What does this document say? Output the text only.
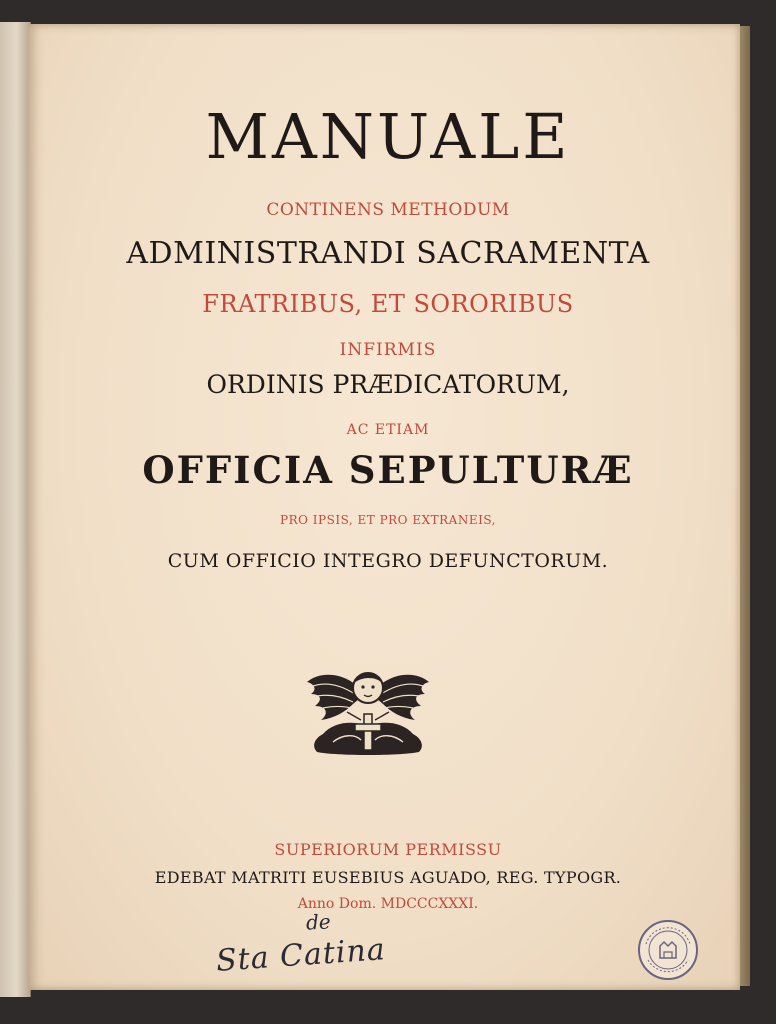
MANUALE

CONTINENS METHODUM

ADMINISTRANDI SACRAMENTA

FRATRIBUS, ET SORORIBUS

INFIRMIS

ORDINIS PRÆDICATORUM,

AC ETIAM

OFFICIA SEPULTURÆ

PRO IPSIS, ET PRO EXTRANEIS,

CUM OFFICIO INTEGRO DEFUNCTORUM.

SUPERIORUM PERMISSU

EDEBAT MATRITI EUSEBIUS AGUADO, REG. TYPOGR.

Anno Dom. MDCCCXXXI.

de
Sta Catina
